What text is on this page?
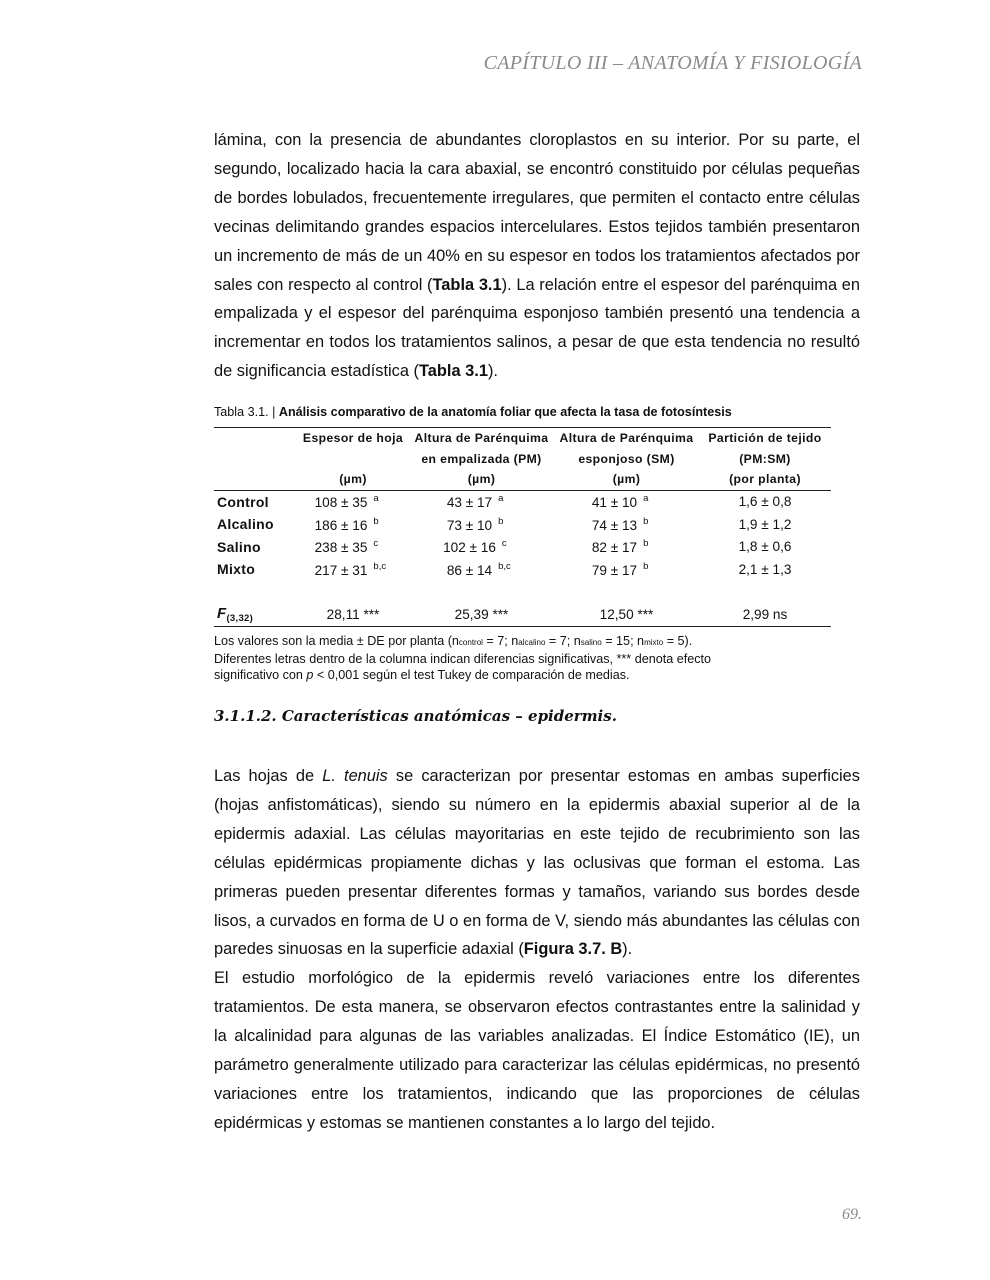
CAPÍTULO III – ANATOMÍA Y FISIOLOGÍA

lámina, con la presencia de abundantes cloroplastos en su interior. Por su parte, el segundo, localizado hacia la cara abaxial, se encontró constituido por células pequeñas de bordes lobulados, frecuentemente irregulares, que permiten el contacto entre células vecinas delimitando grandes espacios intercelulares. Estos tejidos también presentaron un incremento de más de un 40% en su espesor en todos los tratamientos afectados por sales con respecto al control (Tabla 3.1). La relación entre el espesor del parénquima en empalizada y el espesor del parénquima esponjoso también presentó una tendencia a incrementar en todos los tratamientos salinos, a pesar de que esta tendencia no resultó de significancia estadística (Tabla 3.1).

Tabla 3.1. | Análisis comparativo de la anatomía foliar que afecta la tasa de fotosíntesis
	Espesor de hoja	Altura de Parénquima	Altura de Parénquima	Partición de tejido
		en empalizada (PM)	esponjoso (SM)	(PM:SM)
	(µm)	(µm)	(µm)	(por planta)
Control	108 ± 35 a	43 ± 17 a	41 ± 10 a	1,6 ± 0,8
Alcalino	186 ± 16 b	73 ± 10 b	74 ± 13 b	1,9 ± 1,2
Salino	238 ± 35 c	102 ± 16 c	82 ± 17 b	1,8 ± 0,6
Mixto	217 ± 31 b,c	86 ± 14 b,c	79 ± 17 b	2,1 ± 1,3

$F_{(3,32)}$	28,11 ***	25,39 ***	12,50 ***	2,99 ns

Los valores son la media ± DE por planta (ncontrol = 7; nalcalino = 7; nsalino = 15; nmixto = 5).

Diferentes letras dentro de la columna indican diferencias significativas, *** denota efecto

significativo con p < 0,001 según el test Tukey de comparación de medias.

3.1.1.2. Características anatómicas – epidermis.

Las hojas de L. tenuis se caracterizan por presentar estomas en ambas superficies (hojas anfistomáticas), siendo su número en la epidermis abaxial superior al de la epidermis adaxial. Las células mayoritarias en este tejido de recubrimiento son las células epidérmicas propiamente dichas y las oclusivas que forman el estoma. Las primeras pueden presentar diferentes formas y tamaños, variando sus bordes desde lisos, a curvados en forma de U o en forma de V, siendo más abundantes las células con paredes sinuosas en la superficie adaxial (Figura 3.7. B).

El estudio morfológico de la epidermis reveló variaciones entre los diferentes tratamientos. De esta manera, se observaron efectos contrastantes entre la salinidad y la alcalinidad para algunas de las variables analizadas. El Índice Estomático (IE), un parámetro generalmente utilizado para caracterizar las células epidérmicas, no presentó variaciones entre los tratamientos, indicando que las proporciones de células epidérmicas y estomas se mantienen constantes a lo largo del tejido.

69.
